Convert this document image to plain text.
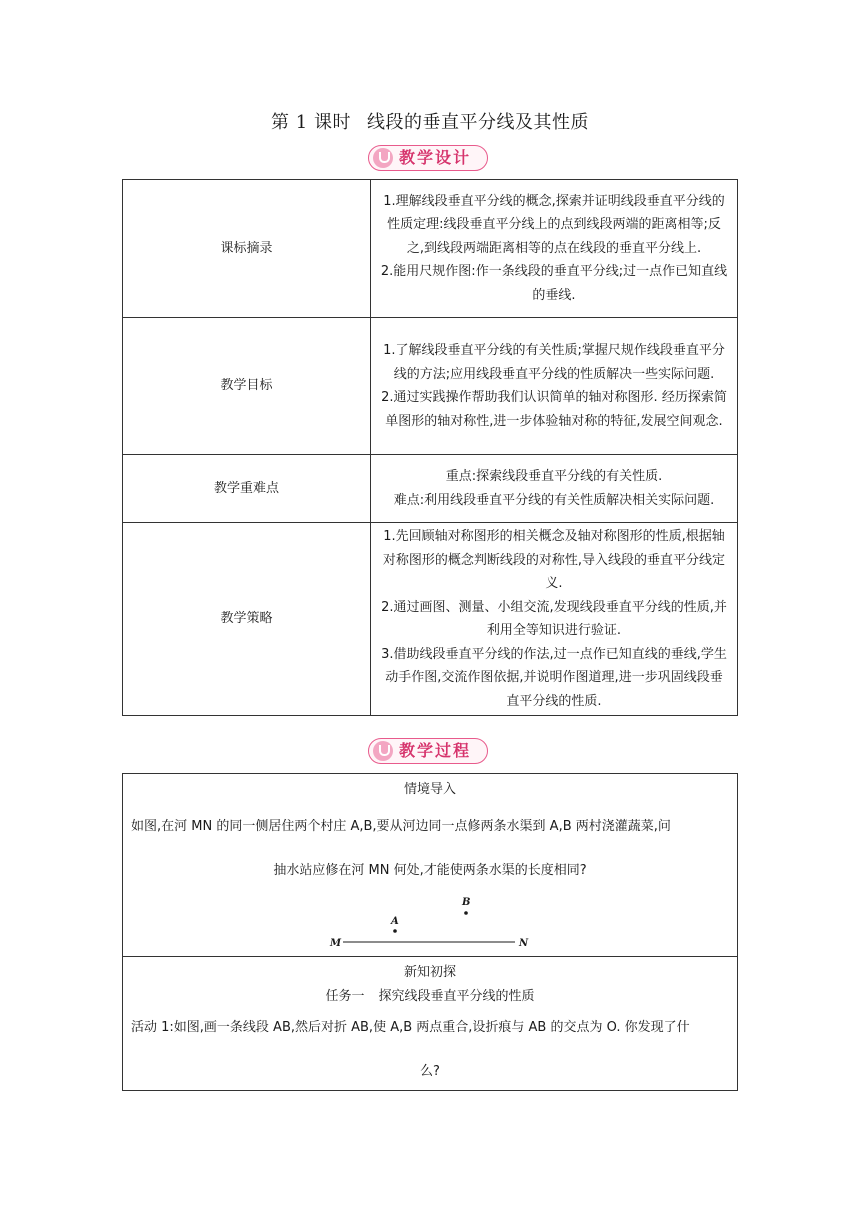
第 1 课时 线段的垂直平分线及其性质
教学设计
课标摘录	1.理解线段垂直平分线的概念,探索并证明线段垂直平分线的性质定理:线段垂直平分线上的点到线段两端的距离相等;反之,到线段两端距离相等的点在线段的垂直平分线上.

2.能用尺规作图:作一条线段的垂直平分线;过一点作已知直线的垂线.

教学目标	1.了解线段垂直平分线的有关性质;掌握尺规作线段垂直平分线的方法;应用线段垂直平分线的性质解决一些实际问题.

2.通过实践操作帮助我们认识简单的轴对称图形. 经历探索简单图形的轴对称性,进一步体验轴对称的特征,发展空间观念.

教学重难点	重点:探索线段垂直平分线的有关性质.

难点:利用线段垂直平分线的有关性质解决相关实际问题.

教学策略	1.先回顾轴对称图形的相关概念及轴对称图形的性质,根据轴对称图形的概念判断线段的对称性,导入线段的垂直平分线定义.

2.通过画图、测量、小组交流,发现线段垂直平分线的性质,并利用全等知识进行验证.

3.借助线段垂直平分线的作法,过一点作已知直线的垂线,学生动手作图,交流作图依据,并说明作图道理,进一步巩固线段垂直平分线的性质.

教学过程
情境导入
如图,在河 MN 的同一侧居住两个村庄 A,B,要从河边同一点修两条水渠到 A,B 两村浇灌蔬菜,问
抽水站应修在河 MN 何处,才能使两条水渠的长度相同?
A
B
M	N
新知初探
任务一 探究线段垂直平分线的性质
活动 1:如图,画一条线段 AB,然后对折 AB,使 A,B 两点重合,设折痕与 AB 的交点为 O. 你发现了什
么?
